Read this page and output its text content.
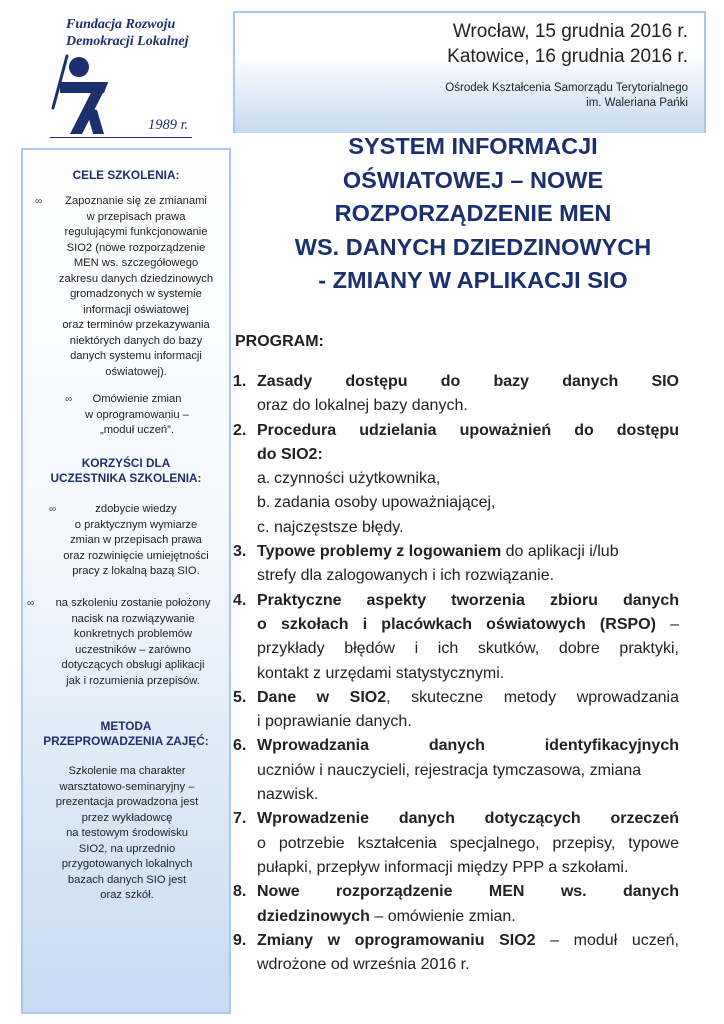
Fundacja Rozwoju
Demokracji Lokalnej
1989 r.
Wrocław, 15 grudnia 2016 r.
Katowice, 16 grudnia 2016 r.
Ośrodek Kształcenia Samorządu Terytorialnego
im. Waleriana Pańki
SYSTEM INFORMACJI
OŚWIATOWEJ – NOWE
ROZPORZĄDZENIE MEN
WS. DANYCH DZIEDZINOWYCH
- ZMIANY W APLIKACJI SIO
CELE SZKOLENIA:
∞	Zapoznanie się ze zmianami
w przepisach prawa
regulującymi funkcjonowanie
SIO2 (nowe rozporządzenie
MEN ws. szczegółowego
zakresu danych dziedzinowych
gromadzonych w systemie
informacji oświatowej
oraz terminów przekazywania
niektórych danych do bazy
danych systemu informacji
oświatowej).
∞	Omówienie zmian
w oprogramowaniu –
„moduł uczeń”.
KORZYŚCI DLA
UCZESTNIKA SZKOLENIA:
∞	zdobycie wiedzy
o praktycznym wymiarze
zmian w przepisach prawa
oraz rozwinięcie umiejętności
pracy z lokalną bazą SIO.
∞	na szkoleniu zostanie położony
nacisk na rozwiązywanie
konkretnych problemów
uczestników – zarówno
dotyczących obsługi aplikacji
jak i rozumienia przepisów.
METODA
PRZEPROWADZENIA ZAJĘĆ:
Szkolenie ma charakter
warsztatowo-seminaryjny –
prezentacja prowadzona jest
przez wykładowcę
na testowym środowisku
SIO2, na uprzednio
przygotowanych lokalnych
bazach danych SIO jest
oraz szkół.
PROGRAM:
1. Zasady dostępu do bazy danych SIO
oraz do lokalnej bazy danych.
2. Procedura udzielania upoważnień do dostępu
do SIO2:
a. czynności użytkownika,
b. zadania osoby upoważniającej,
c. najczęstsze błędy.
3. Typowe problemy z logowaniem do aplikacji i/lub
strefy dla zalogowanych i ich rozwiązanie.
4. Praktyczne aspekty tworzenia zbioru danych
o szkołach i placówkach oświatowych (RSPO) –
przykłady błędów i ich skutków, dobre praktyki,
kontakt z urzędami statystycznymi.
5. Dane w SIO2, skuteczne metody wprowadzania
i poprawianie danych.
6. Wprowadzania danych identyfikacyjnych
uczniów i nauczycieli, rejestracja tymczasowa, zmiana
nazwisk.
7. Wprowadzenie danych dotyczących orzeczeń
o potrzebie kształcenia specjalnego, przepisy, typowe
pułapki, przepływ informacji między PPP a szkołami.
8. Nowe rozporządzenie MEN ws. danych
dziedzinowych – omówienie zmian.
9. Zmiany w oprogramowaniu SIO2 – moduł uczeń,
wdrożone od września 2016 r.
